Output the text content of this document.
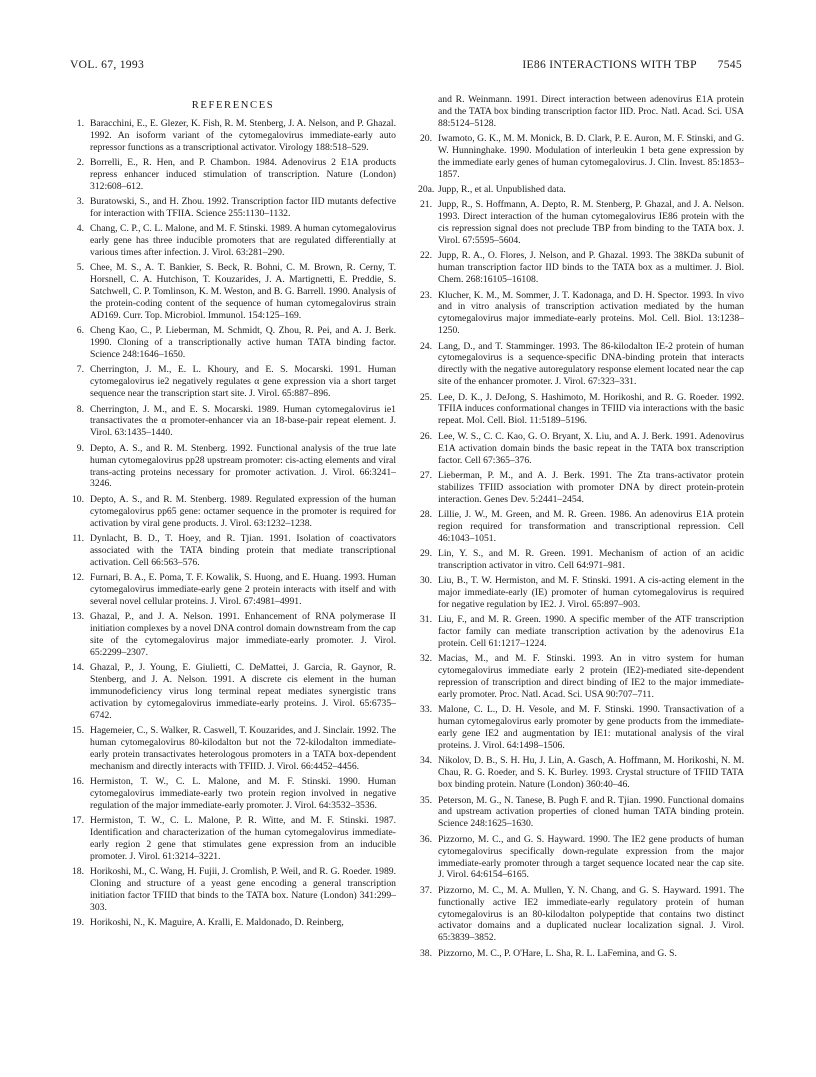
VOL. 67, 1993	IE86 INTERACTIONS WITH TBP 7545
REFERENCES
1. Baracchini, E., E. Glezer, K. Fish, R. M. Stenberg, J. A. Nelson, and P. Ghazal. 1992. An isoform variant of the cytomegalovirus immediate-early auto repressor functions as a transcriptional activator. Virology 188:518–529.
2. Borrelli, E., R. Hen, and P. Chambon. 1984. Adenovirus 2 E1A products repress enhancer induced stimulation of transcription. Nature (London) 312:608–612.
3. Buratowski, S., and H. Zhou. 1992. Transcription factor IID mutants defective for interaction with TFIIA. Science 255:1130–1132.
4. Chang, C. P., C. L. Malone, and M. F. Stinski. 1989. A human cytomegalovirus early gene has three inducible promoters that are regulated differentially at various times after infection. J. Virol. 63:281–290.
5. Chee, M. S., A. T. Bankier, S. Beck, R. Bohni, C. M. Brown, R. Cerny, T. Horsnell, C. A. Hutchison, T. Kouzarides, J. A. Martignetti, E. Preddie, S. Satchwell, C. P. Tomlinson, K. M. Weston, and B. G. Barrell. 1990. Analysis of the protein-coding content of the sequence of human cytomegalovirus strain AD169. Curr. Top. Microbiol. Immunol. 154:125–169.
6. Cheng Kao, C., P. Lieberman, M. Schmidt, Q. Zhou, R. Pei, and A. J. Berk. 1990. Cloning of a transcriptionally active human TATA binding factor. Science 248:1646–1650.
7. Cherrington, J. M., E. L. Khoury, and E. S. Mocarski. 1991. Human cytomegalovirus ie2 negatively regulates α gene expression via a short target sequence near the transcription start site. J. Virol. 65:887–896.
8. Cherrington, J. M., and E. S. Mocarski. 1989. Human cytomegalovirus ie1 transactivates the α promoter-enhancer via an 18-base-pair repeat element. J. Virol. 63:1435–1440.
9. Depto, A. S., and R. M. Stenberg. 1992. Functional analysis of the true late human cytomegalovirus pp28 upstream promoter: cis-acting elements and viral trans-acting proteins necessary for promoter activation. J. Virol. 66:3241–3246.
10. Depto, A. S., and R. M. Stenberg. 1989. Regulated expression of the human cytomegalovirus pp65 gene: octamer sequence in the promoter is required for activation by viral gene products. J. Virol. 63:1232–1238.
11. Dynlacht, B. D., T. Hoey, and R. Tjian. 1991. Isolation of coactivators associated with the TATA binding protein that mediate transcriptional activation. Cell 66:563–576.
12. Furnari, B. A., E. Poma, T. F. Kowalik, S. Huong, and E. Huang. 1993. Human cytomegalovirus immediate-early gene 2 protein interacts with itself and with several novel cellular proteins. J. Virol. 67:4981–4991.
13. Ghazal, P., and J. A. Nelson. 1991. Enhancement of RNA polymerase II initiation complexes by a novel DNA control domain downstream from the cap site of the cytomegalovirus major immediate-early promoter. J. Virol. 65:2299–2307.
14. Ghazal, P., J. Young, E. Giulietti, C. DeMattei, J. Garcia, R. Gaynor, R. Stenberg, and J. A. Nelson. 1991. A discrete cis element in the human immunodeficiency virus long terminal repeat mediates synergistic trans activation by cytomegalovirus immediate-early proteins. J. Virol. 65:6735–6742.
15. Hagemeier, C., S. Walker, R. Caswell, T. Kouzarides, and J. Sinclair. 1992. The human cytomegalovirus 80-kilodalton but not the 72-kilodalton immediate-early protein transactivates heterologous promoters in a TATA box-dependent mechanism and directly interacts with TFIID. J. Virol. 66:4452–4456.
16. Hermiston, T. W., C. L. Malone, and M. F. Stinski. 1990. Human cytomegalovirus immediate-early two protein region involved in negative regulation of the major immediate-early promoter. J. Virol. 64:3532–3536.
17. Hermiston, T. W., C. L. Malone, P. R. Witte, and M. F. Stinski. 1987. Identification and characterization of the human cytomegalovirus immediate-early region 2 gene that stimulates gene expression from an inducible promoter. J. Virol. 61:3214–3221.
18. Horikoshi, M., C. Wang, H. Fujii, J. Cromlish, P. Weil, and R. G. Roeder. 1989. Cloning and structure of a yeast gene encoding a general transcription initiation factor TFIID that binds to the TATA box. Nature (London) 341:299–303.
19. Horikoshi, N., K. Maguire, A. Kralli, E. Maldonado, D. Reinberg,
and R. Weinmann. 1991. Direct interaction between adenovirus E1A protein and the TATA box binding transcription factor IID. Proc. Natl. Acad. Sci. USA 88:5124–5128.
20. Iwamoto, G. K., M. M. Monick, B. D. Clark, P. E. Auron, M. F. Stinski, and G. W. Hunninghake. 1990. Modulation of interleukin 1 beta gene expression by the immediate early genes of human cytomegalovirus. J. Clin. Invest. 85:1853–1857.
20a. Jupp, R., et al. Unpublished data.
21. Jupp, R., S. Hoffmann, A. Depto, R. M. Stenberg, P. Ghazal, and J. A. Nelson. 1993. Direct interaction of the human cytomegalovirus IE86 protein with the cis repression signal does not preclude TBP from binding to the TATA box. J. Virol. 67:5595–5604.
22. Jupp, R. A., O. Flores, J. Nelson, and P. Ghazal. 1993. The 38KDa subunit of human transcription factor IID binds to the TATA box as a multimer. J. Biol. Chem. 268:16105–16108.
23. Klucher, K. M., M. Sommer, J. T. Kadonaga, and D. H. Spector. 1993. In vivo and in vitro analysis of transcription activation mediated by the human cytomegalovirus major immediate-early proteins. Mol. Cell. Biol. 13:1238–1250.
24. Lang, D., and T. Stamminger. 1993. The 86-kilodalton IE-2 protein of human cytomegalovirus is a sequence-specific DNA-binding protein that interacts directly with the negative autoregulatory response element located near the cap site of the enhancer promoter. J. Virol. 67:323–331.
25. Lee, D. K., J. DeJong, S. Hashimoto, M. Horikoshi, and R. G. Roeder. 1992. TFIIA induces conformational changes in TFIID via interactions with the basic repeat. Mol. Cell. Biol. 11:5189–5196.
26. Lee, W. S., C. C. Kao, G. O. Bryant, X. Liu, and A. J. Berk. 1991. Adenovirus E1A activation domain binds the basic repeat in the TATA box transcription factor. Cell 67:365–376.
27. Lieberman, P. M., and A. J. Berk. 1991. The Zta trans-activator protein stabilizes TFIID association with promoter DNA by direct protein-protein interaction. Genes Dev. 5:2441–2454.
28. Lillie, J. W., M. Green, and M. R. Green. 1986. An adenovirus E1A protein region required for transformation and transcriptional repression. Cell 46:1043–1051.
29. Lin, Y. S., and M. R. Green. 1991. Mechanism of action of an acidic transcription activator in vitro. Cell 64:971–981.
30. Liu, B., T. W. Hermiston, and M. F. Stinski. 1991. A cis-acting element in the major immediate-early (IE) promoter of human cytomegalovirus is required for negative regulation by IE2. J. Virol. 65:897–903.
31. Liu, F., and M. R. Green. 1990. A specific member of the ATF transcription factor family can mediate transcription activation by the adenovirus E1a protein. Cell 61:1217–1224.
32. Macias, M., and M. F. Stinski. 1993. An in vitro system for human cytomegalovirus immediate early 2 protein (IE2)-mediated site-dependent repression of transcription and direct binding of IE2 to the major immediate-early promoter. Proc. Natl. Acad. Sci. USA 90:707–711.
33. Malone, C. L., D. H. Vesole, and M. F. Stinski. 1990. Transactivation of a human cytomegalovirus early promoter by gene products from the immediate-early gene IE2 and augmentation by IE1: mutational analysis of the viral proteins. J. Virol. 64:1498–1506.
34. Nikolov, D. B., S. H. Hu, J. Lin, A. Gasch, A. Hoffmann, M. Horikoshi, N. M. Chau, R. G. Roeder, and S. K. Burley. 1993. Crystal structure of TFIID TATA box binding protein. Nature (London) 360:40–46.
35. Peterson, M. G., N. Tanese, B. Pugh F. and R. Tjian. 1990. Functional domains and upstream activation properties of cloned human TATA binding protein. Science 248:1625–1630.
36. Pizzorno, M. C., and G. S. Hayward. 1990. The IE2 gene products of human cytomegalovirus specifically down-regulate expression from the major immediate-early promoter through a target sequence located near the cap site. J. Virol. 64:6154–6165.
37. Pizzorno, M. C., M. A. Mullen, Y. N. Chang, and G. S. Hayward. 1991. The functionally active IE2 immediate-early regulatory protein of human cytomegalovirus is an 80-kilodalton polypeptide that contains two distinct activator domains and a duplicated nuclear localization signal. J. Virol. 65:3839–3852.
38. Pizzorno, M. C., P. O'Hare, L. Sha, R. L. LaFemina, and G. S.
